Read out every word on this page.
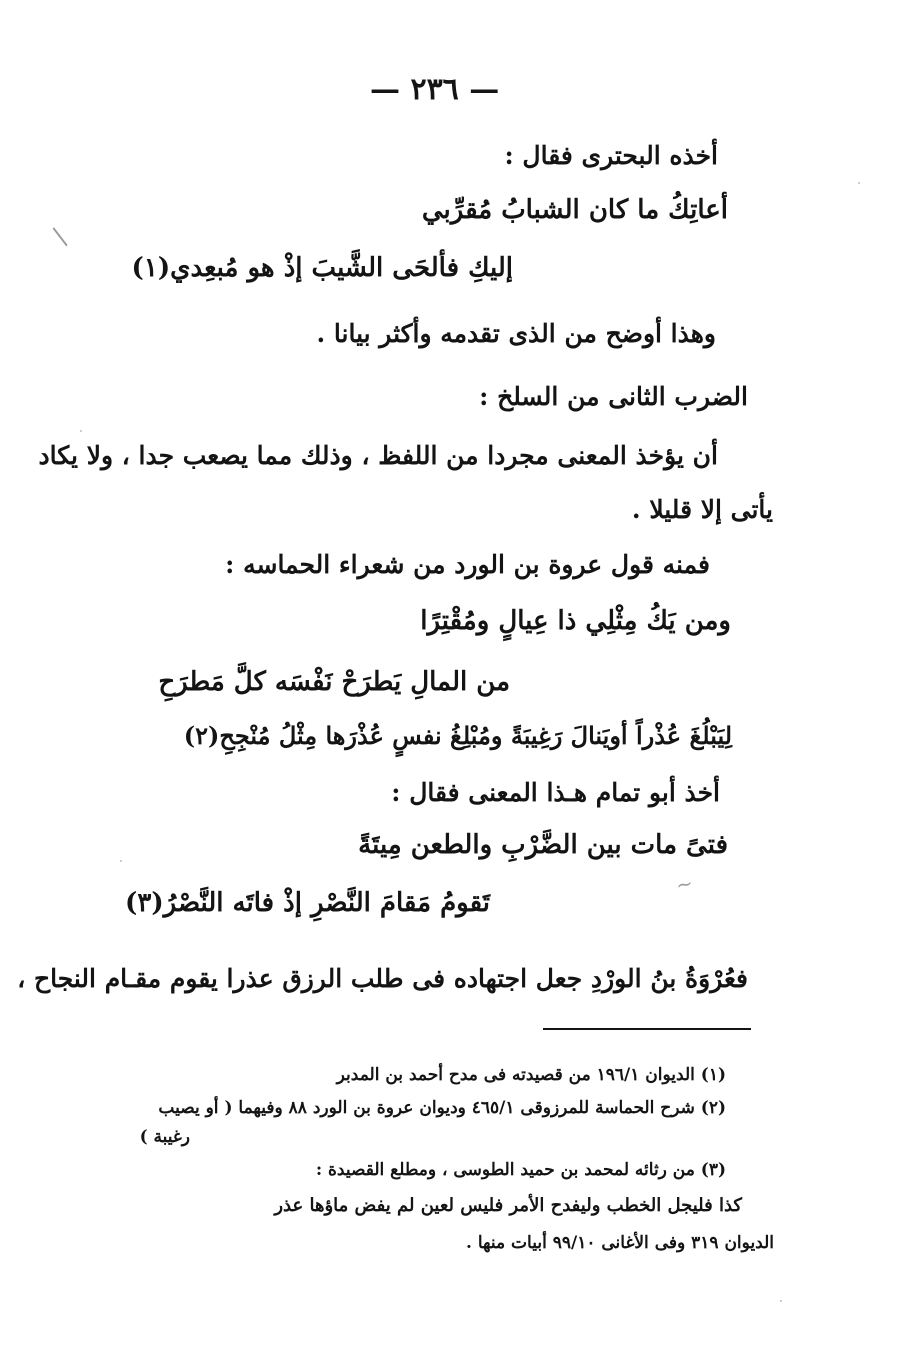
— ٢٣٦ —
أخذه البحترى فقال :
أعاتِكُ ما كان الشبابُ مُقرِّبي
إليكِ فألحَى الشَّيبَ إذْ هو مُبعِدي(١)
وهذا أوضح من الذى تقدمه وأكثر بيانا .
الضرب الثانى من السلخ :
أن يؤخذ المعنى مجردا من اللفظ ، وذلك مما يصعب جدا ، ولا يكاد
يأتى إلا قليلا .
فمنه قول عروة بن الورد من شعراء الحماسه :
ومن يَكُ مِثْلِي ذا عِيالٍ ومُقْتِرًا
من المالِ يَطرَحْ نَفْسَه كلَّ مَطرَحِ
لِيَبْلُغَ عُذْراً أويَنالَ رَغِيبَةً ومُبْلِغُ نفسٍ عُذْرَها مِثْلُ مُنْجِحِ(٢)
أخذ أبو تمام هـذا المعنى فقال :
فتىً مات بين الضَّرْبِ والطعن مِيتَةً
تَقومُ مَقامَ النَّصْرِ إذْ فاتَه النَّصْرُ(٣)
فعُرْوَةُ بنُ الورْدِ جعل اجتهاده فى طلب الرزق عذرا يقوم مقـام النجاح ،
(١) الديوان ١٩٦/١ من قصيدته فى مدح أحمد بن المدبر
(٢) شرح الحماسة للمرزوقى ٤٦٥/١ وديوان عروة بن الورد ٨٨ وفيهما ( أو يصيب
رغيبة )
(٣) من رثائه لمحمد بن حميد الطوسى ، ومطلع القصيدة :
كذا فليجل الخطب وليفدح الأمر فليس لعين لم يفض ماؤها عذر
الديوان ٣١٩ وفى الأغانى ٩٩/١٠ أبيات منها .
~
/
